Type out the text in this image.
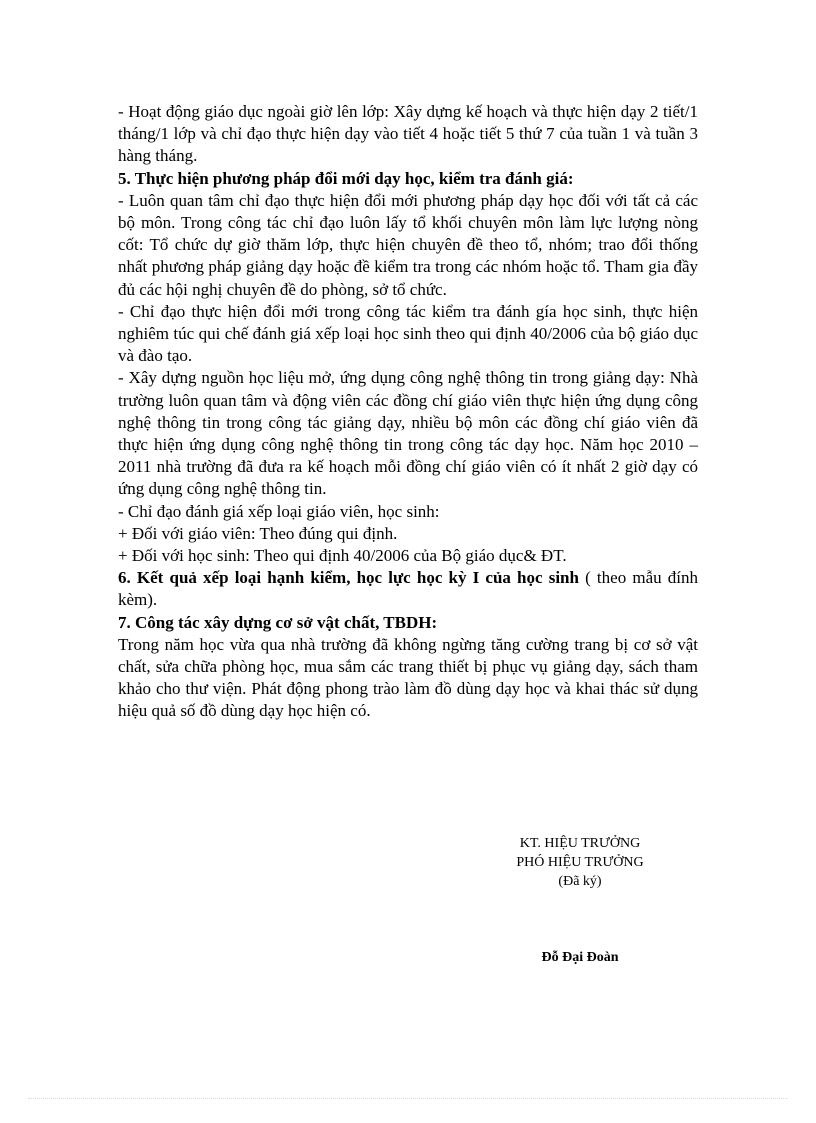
- Hoạt động giáo dục ngoài giờ lên lớp: Xây dựng kế hoạch và thực hiện dạy 2 tiết/1 tháng/1 lớp và chỉ đạo thực hiện dạy vào tiết 4 hoặc tiết 5 thứ 7 của tuần 1 và tuần 3 hàng tháng.

5. Thực hiện phương pháp đổi mới dạy học, kiểm tra đánh giá:

- Luôn quan tâm chỉ đạo thực hiện đổi mới phương pháp dạy học đối với tất cả các bộ môn. Trong công tác chỉ đạo luôn lấy tổ khối chuyên môn làm lực lượng nòng cốt: Tổ chức dự giờ thăm lớp, thực hiện chuyên đề theo tổ, nhóm; trao đổi thống nhất phương pháp giảng dạy hoặc đề kiểm tra trong các nhóm hoặc tổ. Tham gia đầy đủ các hội nghị chuyên đề do phòng, sở tổ chức.

- Chỉ đạo thực hiện đổi mới trong công tác kiểm tra đánh gía học sinh, thực hiện nghiêm túc qui chế đánh giá xếp loại học sinh theo qui định 40/2006 của bộ giáo dục và đào tạo.

- Xây dựng nguồn học liệu mở, ứng dụng công nghệ thông tin trong giảng dạy: Nhà trường luôn quan tâm và động viên các đồng chí giáo viên thực hiện ứng dụng công nghệ thông tin trong công tác giảng dạy, nhiều bộ môn các đồng chí giáo viên đã thực hiện ứng dụng công nghệ thông tin trong công tác dạy học. Năm học 2010 – 2011 nhà trường đã đưa ra kế hoạch mỗi đồng chí giáo viên có ít nhất 2 giờ dạy có ứng dụng công nghệ thông tin.

- Chỉ đạo đánh giá xếp loại giáo viên, học sinh:

+ Đối với giáo viên: Theo đúng qui định.

+ Đối với học sinh: Theo qui định 40/2006 của Bộ giáo dục& ĐT.

6. Kết quả xếp loại hạnh kiểm, học lực học kỳ I của học sinh ( theo mẫu đính kèm).

7. Công tác xây dựng cơ sở vật chất, TBDH:

Trong năm học vừa qua nhà trường đã không ngừng tăng cường trang bị cơ sở vật chất, sửa chữa phòng học, mua sắm các trang thiết bị phục vụ giảng dạy, sách tham khảo cho thư viện. Phát động phong trào làm đồ dùng dạy học và khai thác sử dụng hiệu quả số đồ dùng dạy học hiện có.

KT. HIỆU TRƯỞNG
PHÓ HIỆU TRƯỞNG
(Đã ký)
Đỗ Đại Đoàn
